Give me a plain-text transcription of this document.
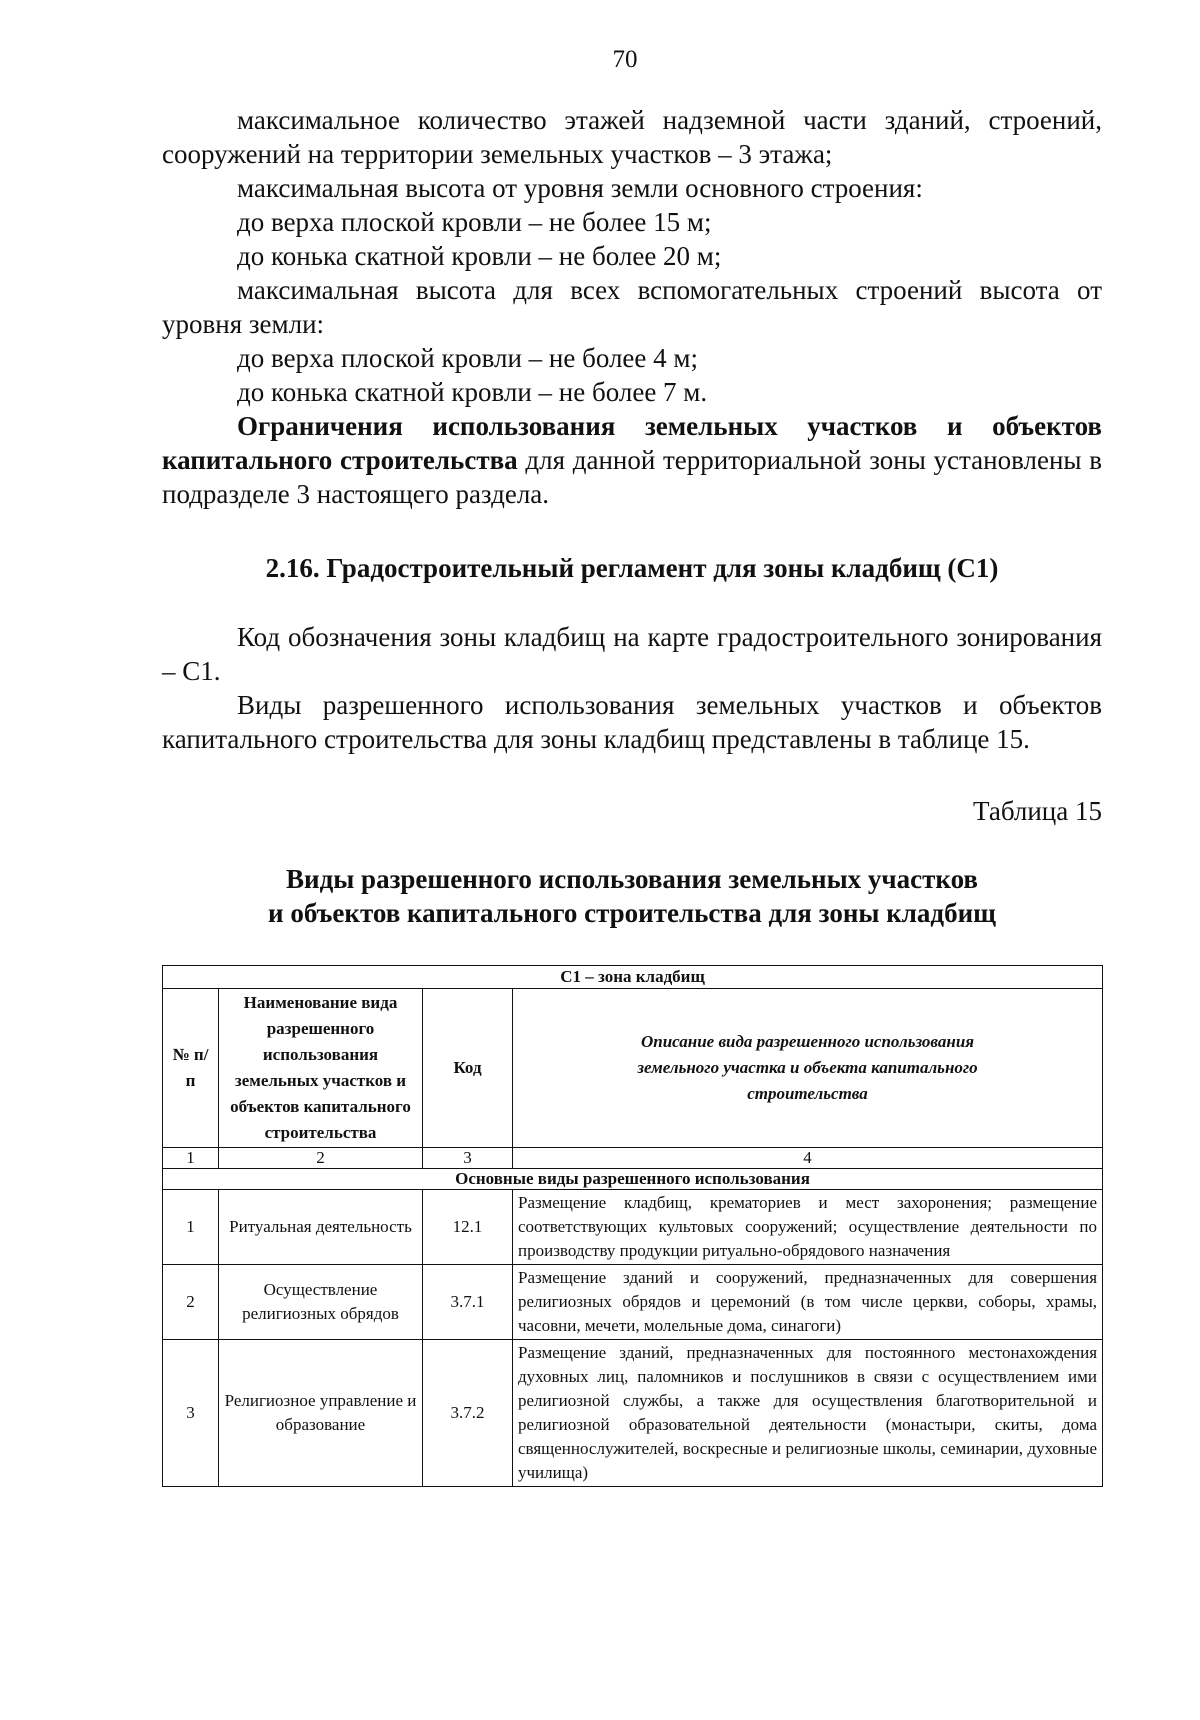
70

максимальное количество этажей надземной части зданий, строений, сооружений на территории земельных участков – 3 этажа;

максимальная высота от уровня земли основного строения:

до верха плоской кровли – не более 15 м;

до конька скатной кровли – не более 20 м;

максимальная высота для всех вспомогательных строений высота от уровня земли:

до верха плоской кровли – не более 4 м;

до конька скатной кровли – не более 7 м.

Ограничения использования земельных участков и объектов капитального строительства для данной территориальной зоны установлены в подразделе 3 настоящего раздела.

2.16. Градостроительный регламент для зоны кладбищ (С1)

Код обозначения зоны кладбищ на карте градостроительного зонирования – С1.

Виды разрешенного использования земельных участков и объектов капитального строительства для зоны кладбищ представлены в таблице 15.

Таблица 15
Виды разрешенного использования земельных участков
и объектов капитального строительства для зоны кладбищ
С1 – зона кладбищ			
№ п/п	Наименование вида разрешенного использования земельных участков и объектов капитального строительства	Код	Описание вида разрешенного использования земельного участка и объекта капитального строительства
1	2	3	4
Основные виды разрешенного использования			
1	Ритуальная деятельность	12.1	Размещение кладбищ, крематориев и мест захоронения; размещение соответствующих культовых сооружений; осуществление деятельности по производству продукции ритуально-обрядового назначения
2	Осуществление религиозных обрядов	3.7.1	Размещение зданий и сооружений, предназначенных для совершения религиозных обрядов и церемоний (в том числе церкви, соборы, храмы, часовни, мечети, молельные дома, синагоги)
3	Религиозное управление и образование	3.7.2	Размещение зданий, предназначенных для постоянного местонахождения духовных лиц, паломников и послушников в связи с осуществлением ими религиозной службы, а также для осуществления благотворительной и религиозной образовательной деятельности (монастыри, скиты, дома священнослужителей, воскресные и религиозные школы, семинарии, духовные училища)
